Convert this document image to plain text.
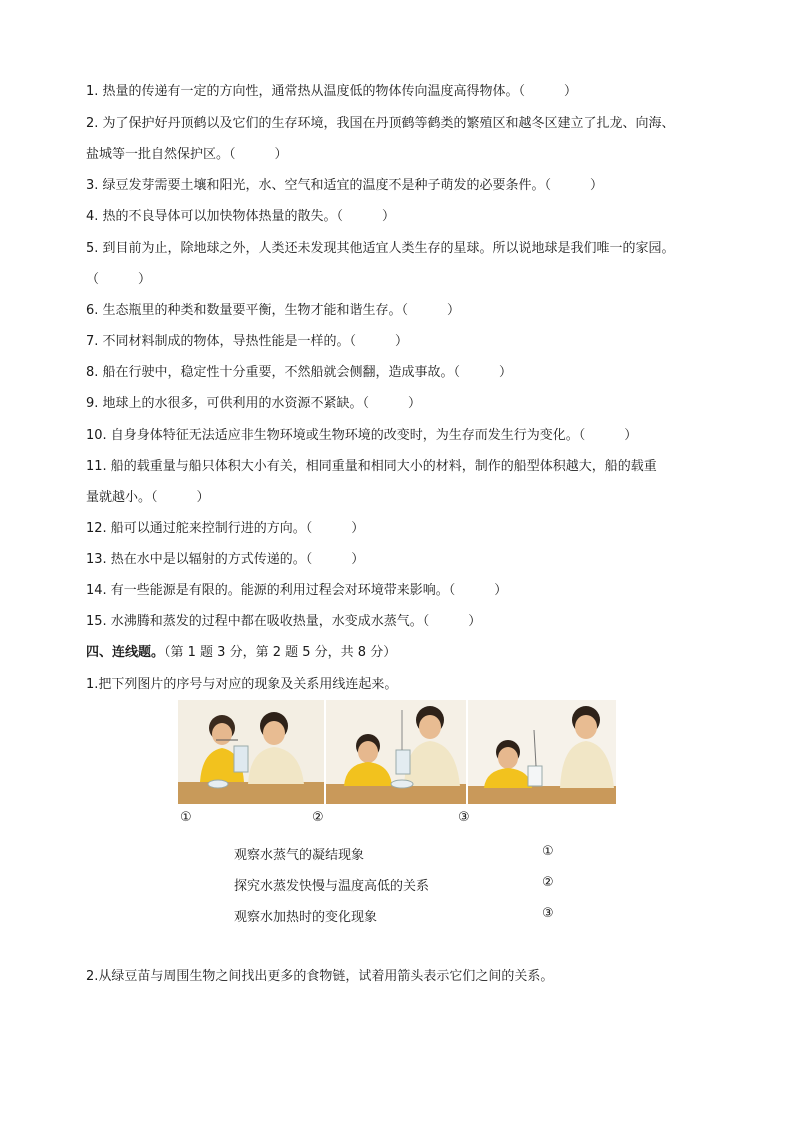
1. 热量的传递有一定的方向性，通常热从温度低的物体传向温度高得物体。（　　　）
2. 为了保护好丹顶鹤以及它们的生存环境，我国在丹顶鹤等鹤类的繁殖区和越冬区建立了扎龙、向海、
盐城等一批自然保护区。（　　　）
3. 绿豆发芽需要土壤和阳光，水、空气和适宜的温度不是种子萌发的必要条件。（　　　）
4. 热的不良导体可以加快物体热量的散失。（　　　）
5. 到目前为止，除地球之外，人类还未发现其他适宜人类生存的星球。所以说地球是我们唯一的家园。
（　　　）
6. 生态瓶里的种类和数量要平衡，生物才能和谐生存。（　　　）
7. 不同材料制成的物体，导热性能是一样的。（　　　）
8. 船在行驶中，稳定性十分重要，不然船就会侧翻，造成事故。（　　　）
9. 地球上的水很多，可供利用的水资源不紧缺。（　　　）
10. 自身身体特征无法适应非生物环境或生物环境的改变时，为生存而发生行为变化。（　　　）
11. 船的载重量与船只体积大小有关，相同重量和相同大小的材料，制作的船型体积越大，船的载重
量就越小。（　　　）
12. 船可以通过舵来控制行进的方向。（　　　）
13. 热在水中是以辐射的方式传递的。（　　　）
14. 有一些能源是有限的。能源的利用过程会对环境带来影响。（　　　）
15. 水沸腾和蒸发的过程中都在吸收热量，水变成水蒸气。（　　　）
四、连线题。（第 1 题 3 分，第 2 题 5 分，共 8 分）
1.把下列图片的序号与对应的现象及关系用线连起来。
①	②	③
观察水蒸气的凝结现象
探究水蒸发快慢与温度高低的关系
观察水加热时的变化现象
①
②
③
2.从绿豆苗与周围生物之间找出更多的食物链，试着用箭头表示它们之间的关系。
